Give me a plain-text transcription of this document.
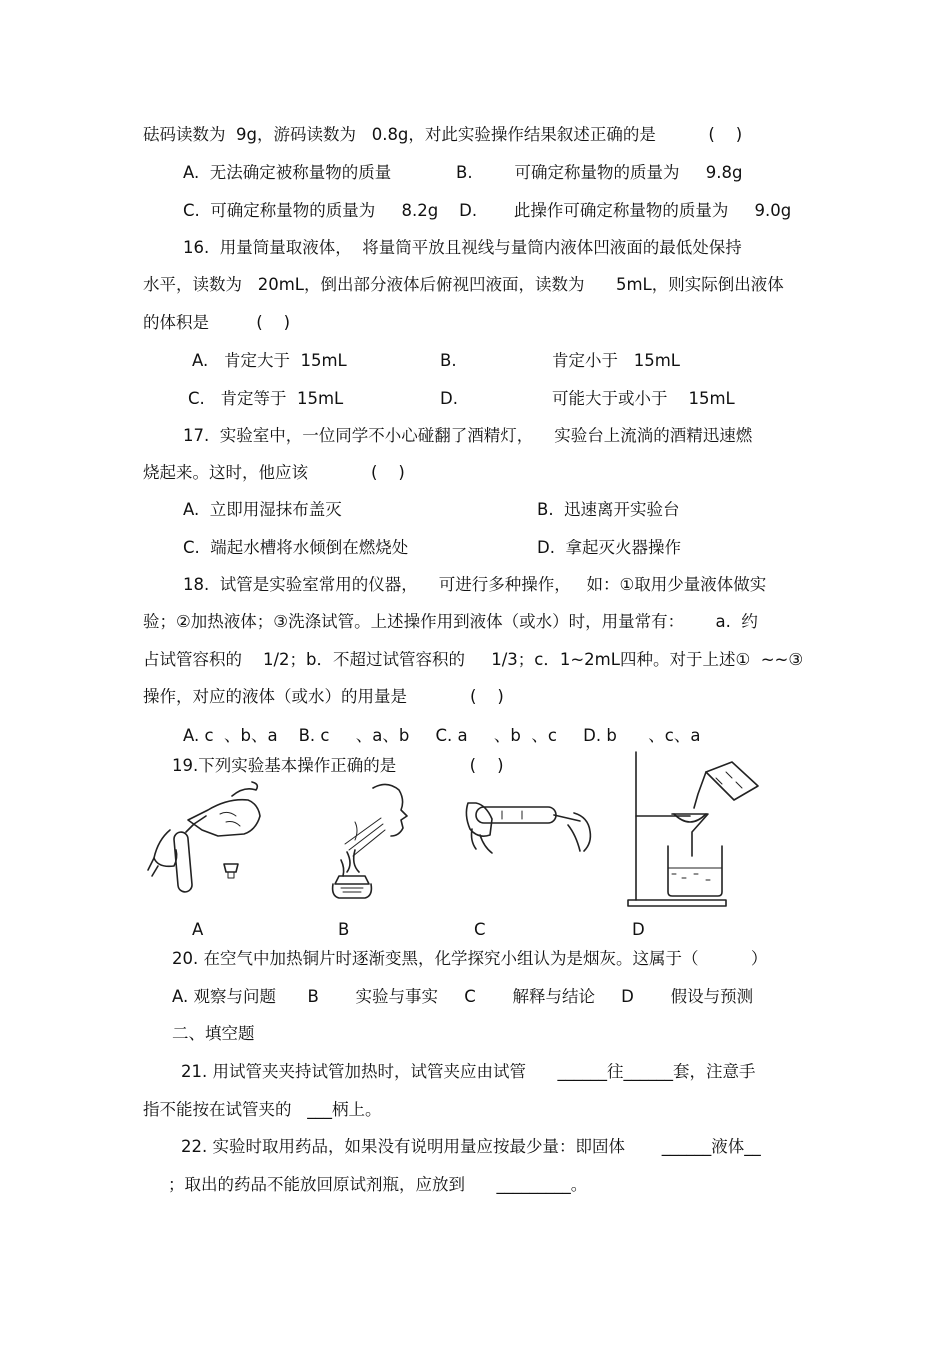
砝码读数为  9g，游码读数为   0.8g，对此实验操作结果叙述正确的是          (    )
A.  无法确定被称量物的质量	B.        可确定称量物的质量为     9.8g
C.  可确定称量物的质量为     8.2g    D.       此操作可确定称量物的质量为     9.0g
16.  用量筒量取液体，  将量筒平放且视线与量筒内液体凹液面的最低处保持
水平，读数为   20mL，倒出部分液体后俯视凹液面，读数为      5mL，则实际倒出液体
的体积是         (    )
A.   肯定大于  15mL	B.	肯定小于   15mL
C.   肯定等于  15mL	D.	可能大于或小于    15mL
17.  实验室中，一位同学不小心碰翻了酒精灯，    实验台上流淌的酒精迅速燃
烧起来。这时，他应该            (    )
A.  立即用湿抹布盖灭	B.  迅速离开实验台
C.  端起水槽将水倾倒在燃烧处	D.  拿起灭火器操作
18.  试管是实验室常用的仪器，    可进行多种操作，   如：①取用少量液体做实
验；②加热液体；③洗涤试管。上述操作用到液体（或水）时，用量常有：      a.  约
占试管容积的    1/2；b．不超过试管容积的     1/3；c．1~2mL四种。对于上述①  ~~③
操作，对应的液体（或水）的用量是            (    )
A. c  、b、a    B. c     、a、b     C. a     、b  、c     D. b      、c、a
19.下列实验基本操作正确的是              (    )
A	B	C	D
20. 在空气中加热铜片时逐渐变黑，化学探究小组认为是烟灰。这属于（          ）
A. 观察与问题      B       实验与事实     C       解释与结论     D       假设与预测
二、填空题
21. 用试管夹夹持试管加热时，试管夹应由试管      ______往______套，注意手
指不能按在试管夹的   ___柄上。
22. 实验时取用药品，如果没有说明用量应按最少量：即固体       ______液体__
；取出的药品不能放回原试剂瓶，应放到      _________。
